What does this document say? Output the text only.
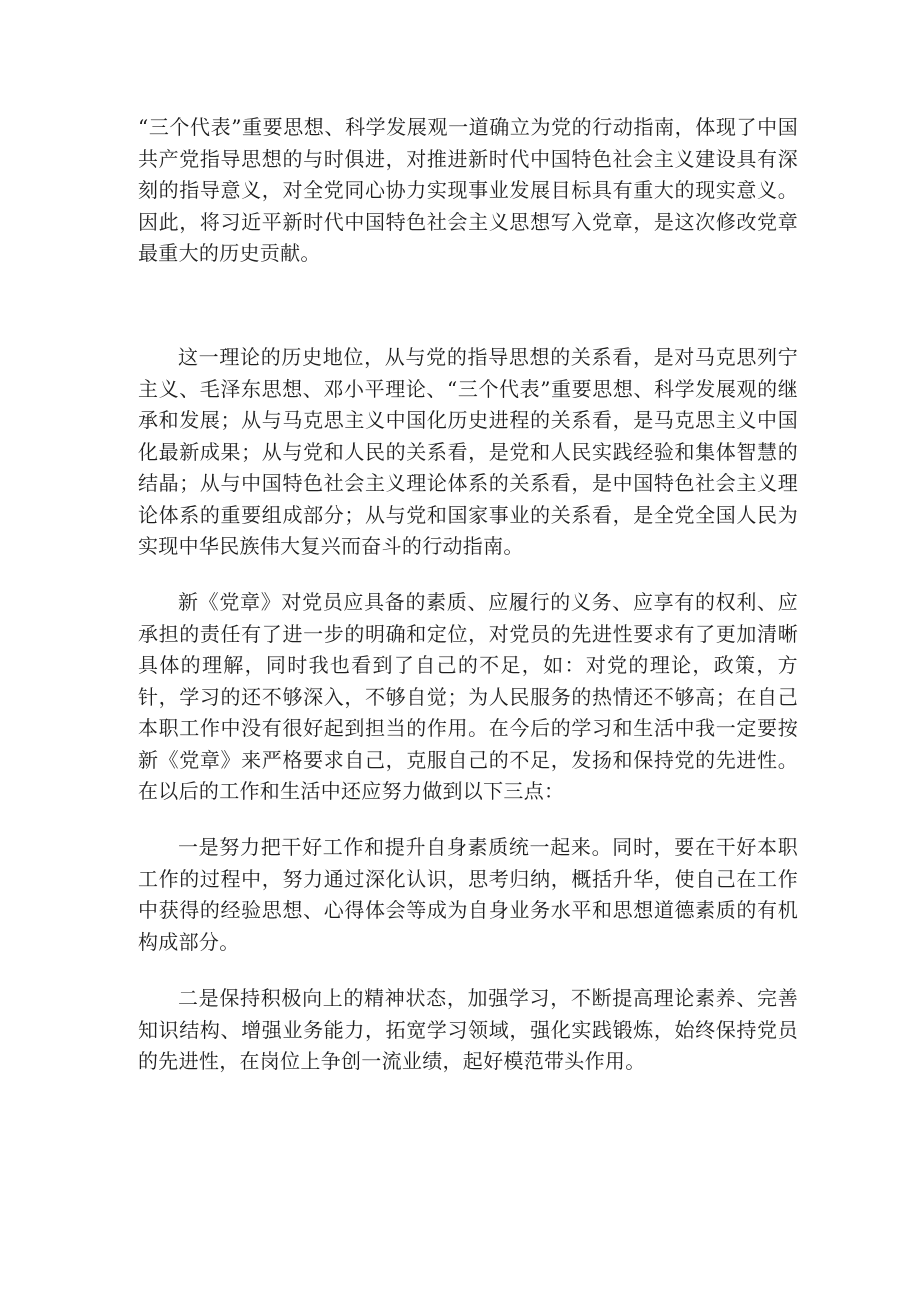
“三个代表”重要思想、科学发展观一道确立为党的行动指南，体现了中国共产党指导思想的与时俱进，对推进新时代中国特色社会主义建设具有深刻的指导意义，对全党同心协力实现事业发展目标具有重大的现实意义。因此，将习近平新时代中国特色社会主义思想写入党章，是这次修改党章最重大的历史贡献。

这一理论的历史地位，从与党的指导思想的关系看，是对马克思列宁主义、毛泽东思想、邓小平理论、“三个代表”重要思想、科学发展观的继承和发展；从与马克思主义中国化历史进程的关系看，是马克思主义中国化最新成果；从与党和人民的关系看，是党和人民实践经验和集体智慧的结晶；从与中国特色社会主义理论体系的关系看，是中国特色社会主义理论体系的重要组成部分；从与党和国家事业的关系看，是全党全国人民为实现中华民族伟大复兴而奋斗的行动指南。

新《党章》对党员应具备的素质、应履行的义务、应享有的权利、应承担的责任有了进一步的明确和定位，对党员的先进性要求有了更加清晰具体的理解，同时我也看到了自己的不足，如：对党的理论，政策，方针，学习的还不够深入，不够自觉；为人民服务的热情还不够高；在自己本职工作中没有很好起到担当的作用。在今后的学习和生活中我一定要按新《党章》来严格要求自己，克服自己的不足，发扬和保持党的先进性。在以后的工作和生活中还应努力做到以下三点：

一是努力把干好工作和提升自身素质统一起来。同时，要在干好本职工作的过程中，努力通过深化认识，思考归纳，概括升华，使自己在工作中获得的经验思想、心得体会等成为自身业务水平和思想道德素质的有机构成部分。

二是保持积极向上的精神状态，加强学习，不断提高理论素养、完善知识结构、增强业务能力，拓宽学习领域，强化实践锻炼，始终保持党员的先进性，在岗位上争创一流业绩，起好模范带头作用。
